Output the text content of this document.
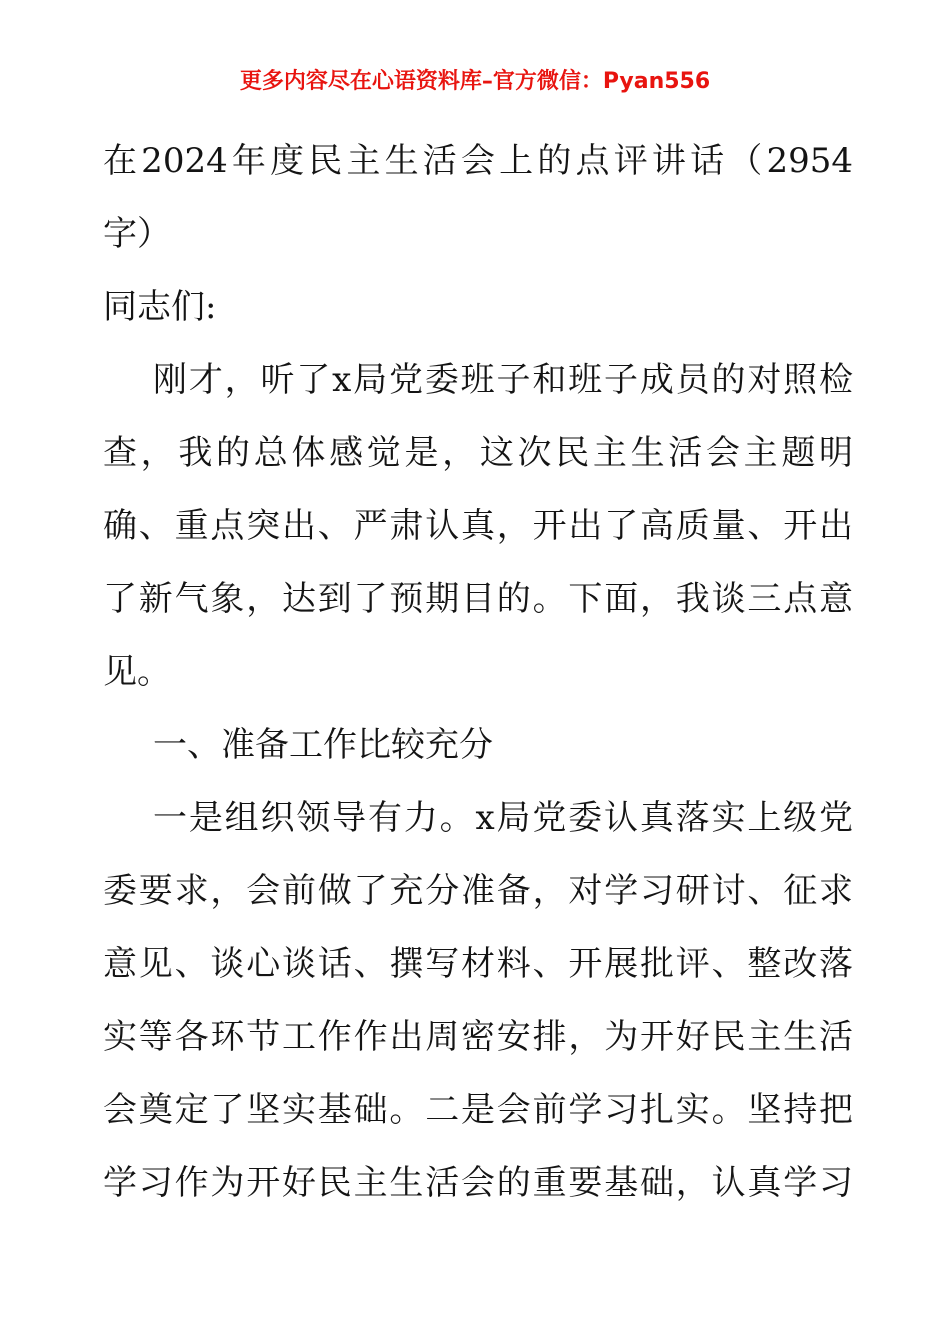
更多内容尽在心语资料库–官方微信：Pyan556
在2024年度民主生活会上的点评讲话（2954
字）
同志们:
刚才，听了x局党委班子和班子成员的对照检
查，我的总体感觉是，这次民主生活会主题明
确、重点突出、严肃认真，开出了高质量、开出
了新气象，达到了预期目的。下面，我谈三点意
见。
一、准备工作比较充分
一是组织领导有力。x局党委认真落实上级党
委要求，会前做了充分准备，对学习研讨、征求
意见、谈心谈话、撰写材料、开展批评、整改落
实等各环节工作作出周密安排，为开好民主生活
会奠定了坚实基础。二是会前学习扎实。坚持把
学习作为开好民主生活会的重要基础，认真学习
